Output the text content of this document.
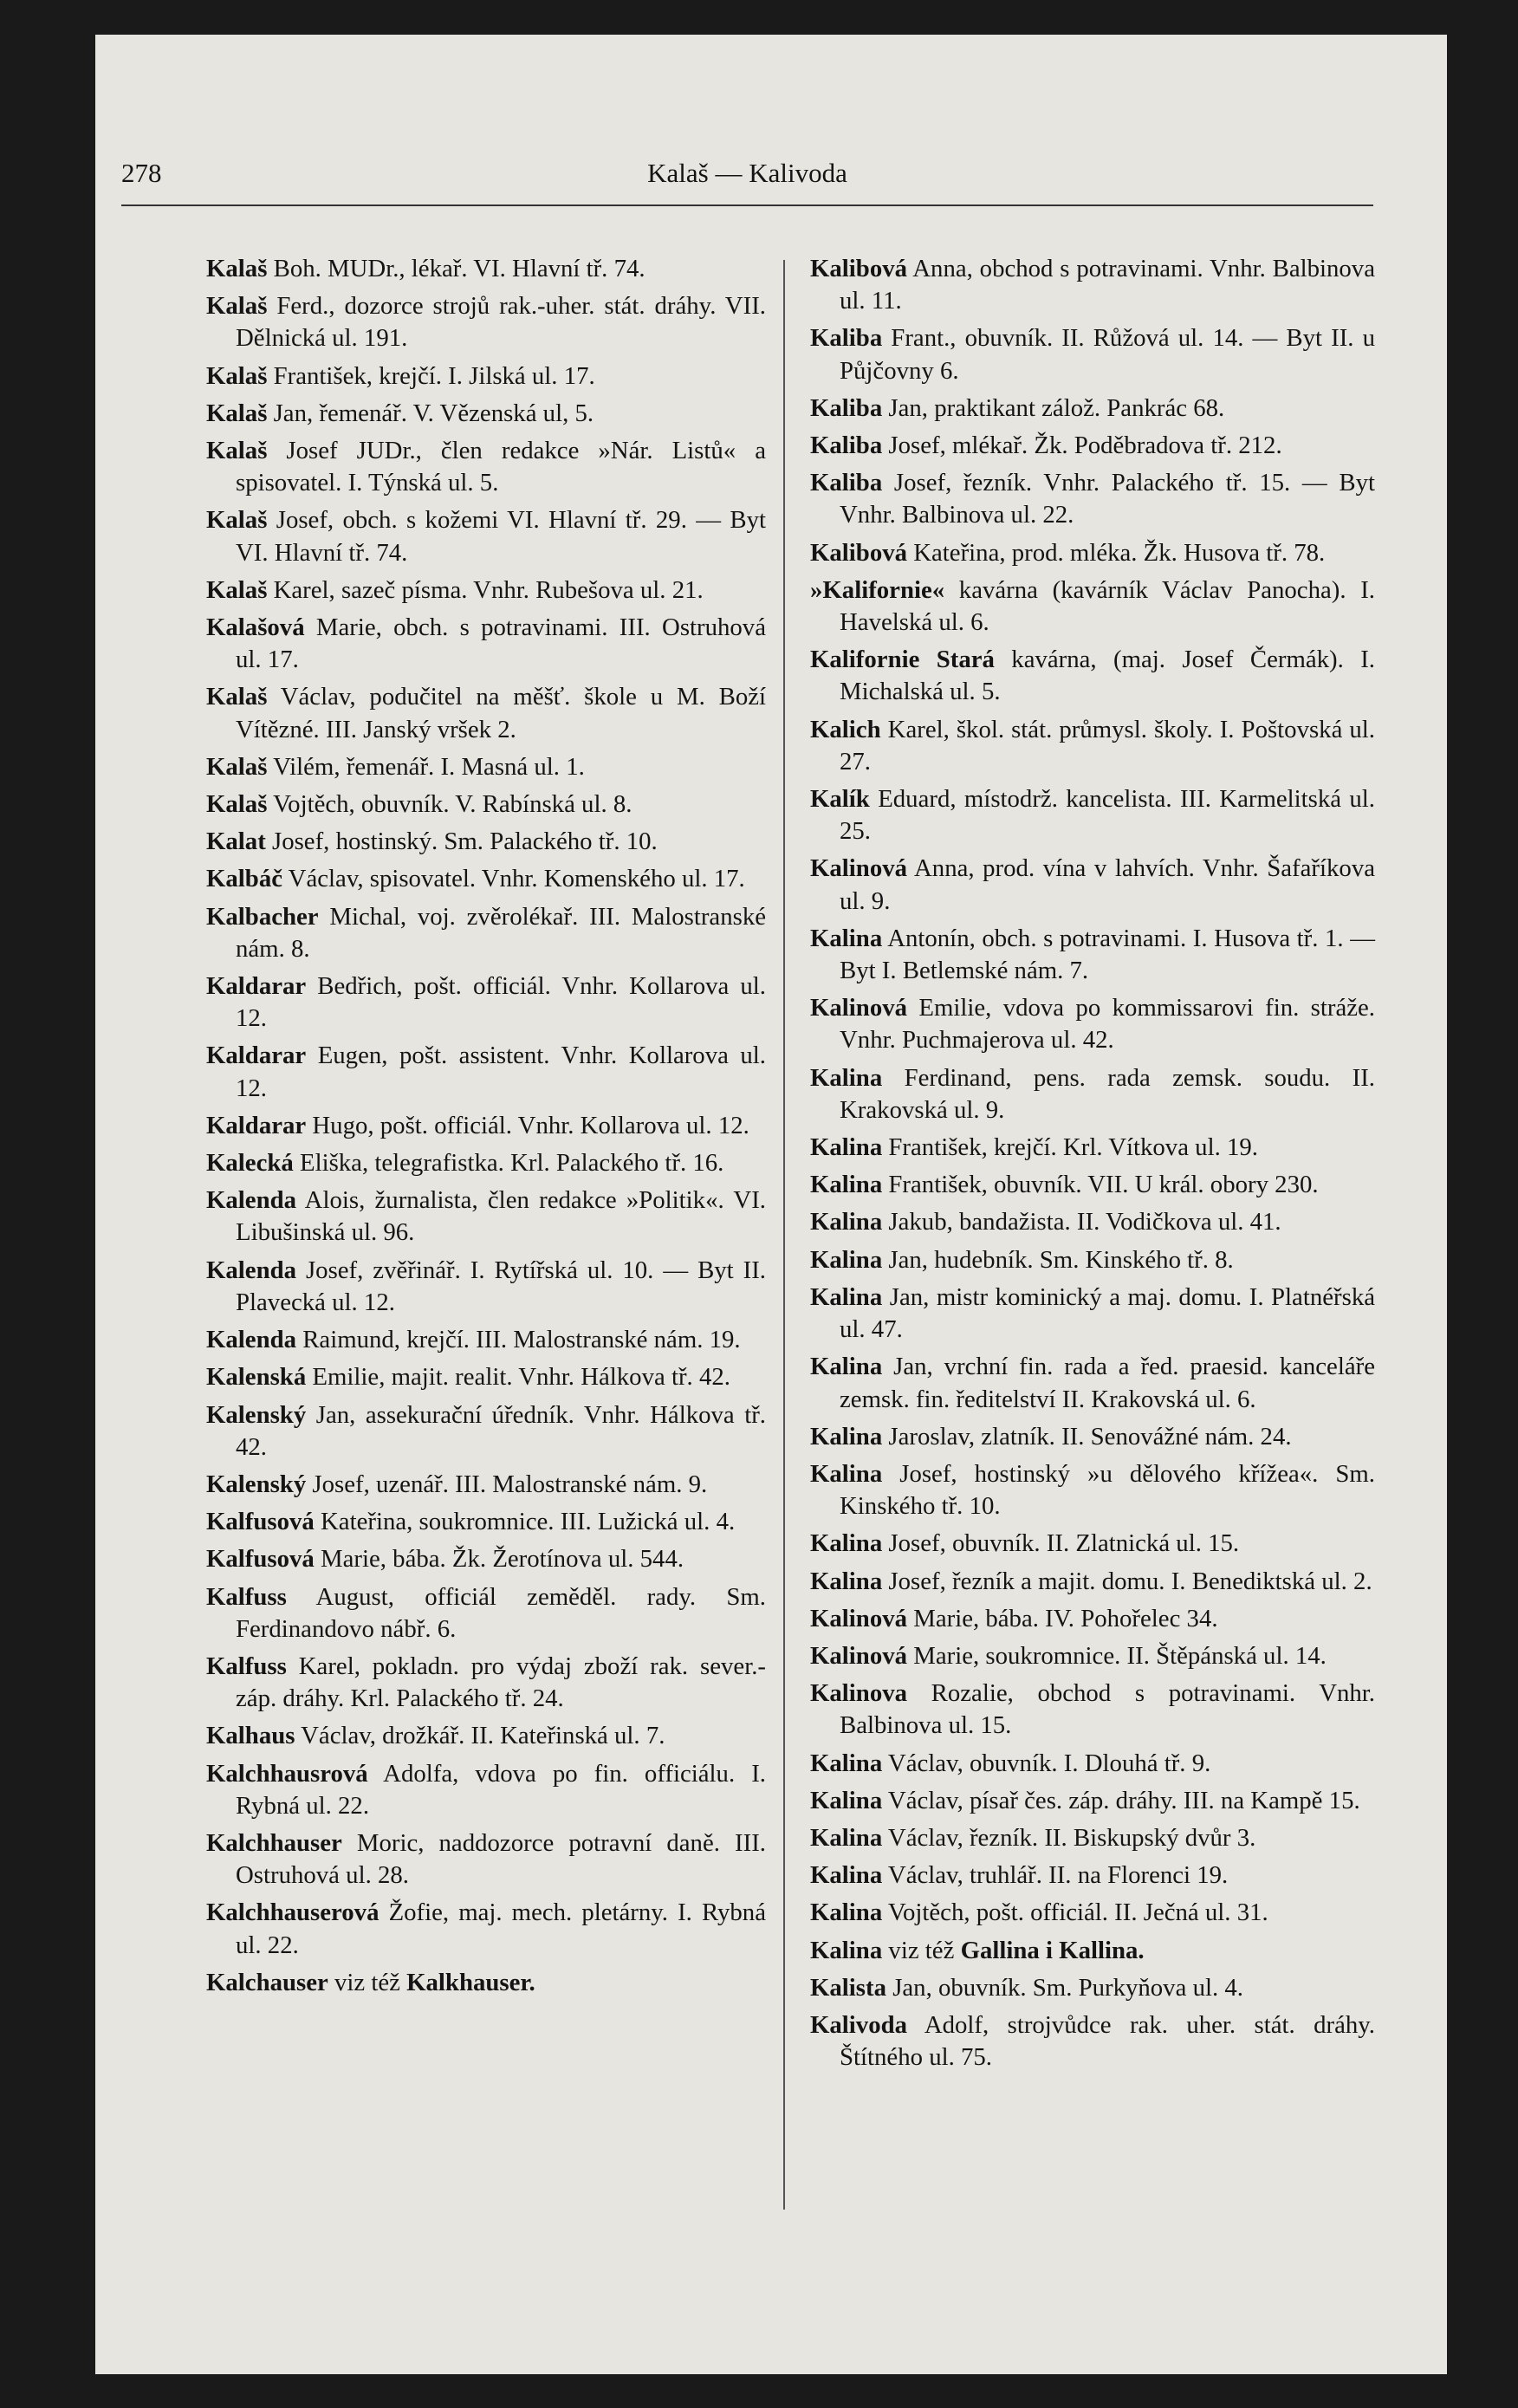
278	Kalaš — Kalivoda
Kalaš Boh. MUDr., lékař. VI. Hlavní tř. 74.
Kalaš Ferd., dozorce strojů rak.-uher. stát. dráhy. VII. Dělnická ul. 191.
Kalaš František, krejčí. I. Jilská ul. 17.
Kalaš Jan, řemenář. V. Vězenská ul, 5.
Kalaš Josef JUDr., člen redakce »Nár. Listů« a spisovatel. I. Týnská ul. 5.
Kalaš Josef, obch. s kožemi VI. Hlavní tř. 29. — Byt VI. Hlavní tř. 74.
Kalaš Karel, sazeč písma. Vnhr. Rubešova ul. 21.
Kalašová Marie, obch. s potravinami. III. Ostruhová ul. 17.
Kalaš Václav, podučitel na měšť. škole u M. Boží Vítězné. III. Janský vršek 2.
Kalaš Vilém, řemenář. I. Masná ul. 1.
Kalaš Vojtěch, obuvník. V. Rabínská ul. 8.
Kalat Josef, hostinský. Sm. Palackého tř. 10.
Kalbáč Václav, spisovatel. Vnhr. Komenského ul. 17.
Kalbacher Michal, voj. zvěrolékař. III. Malostranské nám. 8.
Kaldarar Bedřich, pošt. officiál. Vnhr. Kollarova ul. 12.
Kaldarar Eugen, pošt. assistent. Vnhr. Kollarova ul. 12.
Kaldarar Hugo, pošt. officiál. Vnhr. Kollarova ul. 12.
Kalecká Eliška, telegrafistka. Krl. Palackého tř. 16.
Kalenda Alois, žurnalista, člen redakce »Politik«. VI. Libušinská ul. 96.
Kalenda Josef, zvěřinář. I. Rytířská ul. 10. — Byt II. Plavecká ul. 12.
Kalenda Raimund, krejčí. III. Malostranské nám. 19.
Kalenská Emilie, majit. realit. Vnhr. Hálkova tř. 42.
Kalenský Jan, assekurační úředník. Vnhr. Hálkova tř. 42.
Kalenský Josef, uzenář. III. Malostranské nám. 9.
Kalfusová Kateřina, soukromnice. III. Lužická ul. 4.
Kalfusová Marie, bába. Žk. Žerotínova ul. 544.
Kalfuss August, officiál zeměděl. rady. Sm. Ferdinandovo nábř. 6.
Kalfuss Karel, pokladn. pro výdaj zboží rak. sever.-záp. dráhy. Krl. Palackého tř. 24.
Kalhaus Václav, drožkář. II. Kateřinská ul. 7.
Kalchhausrová Adolfa, vdova po fin. officiálu. I. Rybná ul. 22.
Kalchhauser Moric, naddozorce potravní daně. III. Ostruhová ul. 28.
Kalchhauserová Žofie, maj. mech. pletárny. I. Rybná ul. 22.
Kalchauser viz též Kalkhauser.
Kalibová Anna, obchod s potravinami. Vnhr. Balbinova ul. 11.
Kaliba Frant., obuvník. II. Růžová ul. 14. — Byt II. u Půjčovny 6.
Kaliba Jan, praktikant zálož. Pankrác 68.
Kaliba Josef, mlékař. Žk. Poděbradova tř. 212.
Kaliba Josef, řezník. Vnhr. Palackého tř. 15. — Byt Vnhr. Balbinova ul. 22.
Kalibová Kateřina, prod. mléka. Žk. Husova tř. 78.
»Kalifornie« kavárna (kavárník Václav Panocha). I. Havelská ul. 6.
Kalifornie Stará kavárna, (maj. Josef Čermák). I. Michalská ul. 5.
Kalich Karel, škol. stát. průmysl. školy. I. Poštovská ul. 27.
Kalík Eduard, místodrž. kancelista. III. Karmelitská ul. 25.
Kalinová Anna, prod. vína v lahvích. Vnhr. Šafaříkova ul. 9.
Kalina Antonín, obch. s potravinami. I. Husova tř. 1. — Byt I. Betlemské nám. 7.
Kalinová Emilie, vdova po kommissarovi fin. stráže. Vnhr. Puchmajerova ul. 42.
Kalina Ferdinand, pens. rada zemsk. soudu. II. Krakovská ul. 9.
Kalina František, krejčí. Krl. Vítkova ul. 19.
Kalina František, obuvník. VII. U král. obory 230.
Kalina Jakub, bandažista. II. Vodičkova ul. 41.
Kalina Jan, hudebník. Sm. Kinského tř. 8.
Kalina Jan, mistr kominický a maj. domu. I. Platnéřská ul. 47.
Kalina Jan, vrchní fin. rada a řed. praesid. kanceláře zemsk. fin. ředitelství II. Krakovská ul. 6.
Kalina Jaroslav, zlatník. II. Senovážné nám. 24.
Kalina Josef, hostinský »u dělového křížea«. Sm. Kinského tř. 10.
Kalina Josef, obuvník. II. Zlatnická ul. 15.
Kalina Josef, řezník a majit. domu. I. Benediktská ul. 2.
Kalinová Marie, bába. IV. Pohořelec 34.
Kalinová Marie, soukromnice. II. Štěpánská ul. 14.
Kalinova Rozalie, obchod s potravinami. Vnhr. Balbinova ul. 15.
Kalina Václav, obuvník. I. Dlouhá tř. 9.
Kalina Václav, písař čes. záp. dráhy. III. na Kampě 15.
Kalina Václav, řezník. II. Biskupský dvůr 3.
Kalina Václav, truhlář. II. na Florenci 19.
Kalina Vojtěch, pošt. officiál. II. Ječná ul. 31.
Kalina viz též Gallina i Kallina.
Kalista Jan, obuvník. Sm. Purkyňova ul. 4.
Kalivoda Adolf, strojvůdce rak. uher. stát. dráhy. Štítného ul. 75.
